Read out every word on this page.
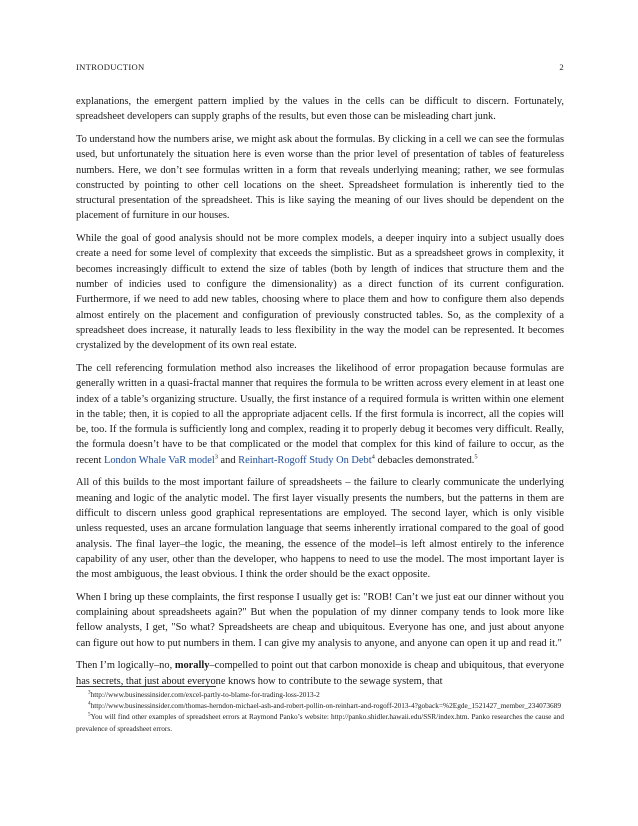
INTRODUCTION	2

explanations, the emergent pattern implied by the values in the cells can be difficult to discern. Fortunately, spreadsheet developers can supply graphs of the results, but even those can be misleading chart junk.

To understand how the numbers arise, we might ask about the formulas. By clicking in a cell we can see the formulas used, but unfortunately the situation here is even worse than the prior level of presentation of tables of featureless numbers. Here, we don’t see formulas written in a form that reveals underlying meaning; rather, we see formulas constructed by pointing to other cell locations on the sheet. Spreadsheet formulation is inherently tied to the structural presentation of the spreadsheet. This is like saying the meaning of our lives should be dependent on the placement of furniture in our houses.

While the goal of good analysis should not be more complex models, a deeper inquiry into a subject usually does create a need for some level of complexity that exceeds the simplistic. But as a spreadsheet grows in complexity, it becomes increasingly difficult to extend the size of tables (both by length of indices that structure them and the number of indicies used to configure the dimensionality) as a direct function of its current configuration. Furthermore, if we need to add new tables, choosing where to place them and how to configure them also depends almost entirely on the placement and configuration of previously constructed tables. So, as the complexity of a spreadsheet does increase, it naturally leads to less flexibility in the way the model can be represented. It becomes crystalized by the development of its own real estate.

The cell referencing formulation method also increases the likelihood of error propagation because formulas are generally written in a quasi-fractal manner that requires the formula to be written across every element in at least one index of a table’s organizing structure. Usually, the first instance of a required formula is written within one element in the table; then, it is copied to all the appropriate adjacent cells. If the first formula is incorrect, all the copies will be, too. If the formula is sufficiently long and complex, reading it to properly debug it becomes very difficult. Really, the formula doesn’t have to be that complicated or the model that complex for this kind of failure to occur, as the recent London Whale VaR model$^3$ and Reinhart-Rogoff Study On Debt$^4$ debacles demonstrated.$^5$

All of this builds to the most important failure of spreadsheets – the failure to clearly communicate the underlying meaning and logic of the analytic model. The first layer visually presents the numbers, but the patterns in them are difficult to discern unless good graphical representations are employed. The second layer, which is only visible unless requested, uses an arcane formulation language that seems inherently irrational compared to the goal of good analysis. The final layer–the logic, the meaning, the essence of the model–is left almost entirely to the inference capability of any user, other than the developer, who happens to need to use the model. The most important layer is the most ambiguous, the least obvious. I think the order should be the exact opposite.

When I bring up these complaints, the first response I usually get is: "ROB! Can’t we just eat our dinner without you complaining about spreadsheets again?" But when the population of my dinner company tends to look more like fellow analysts, I get, "So what? Spreadsheets are cheap and ubiquitous. Everyone has one, and just about anyone can figure out how to put numbers in them. I can give my analysis to anyone, and anyone can open it up and read it."

Then I’m logically–no, morally–compelled to point out that carbon monoxide is cheap and ubiquitous, that everyone has secrets, that just about everyone knows how to contribute to the sewage system, that

$^3$http://www.businessinsider.com/excel-partly-to-blame-for-trading-loss-2013-2

$^4$http://www.businessinsider.com/thomas-herndon-michael-ash-and-robert-pollin-on-reinhart-and-rogoff-2013-4?goback=%2Egde_1521427_member_234073689

$^5$You will find other examples of spreadsheet errors at Raymond Panko’s website: http://panko.shidler.hawaii.edu/SSR/index.htm. Panko researches the cause and prevalence of spreadsheet errors.
